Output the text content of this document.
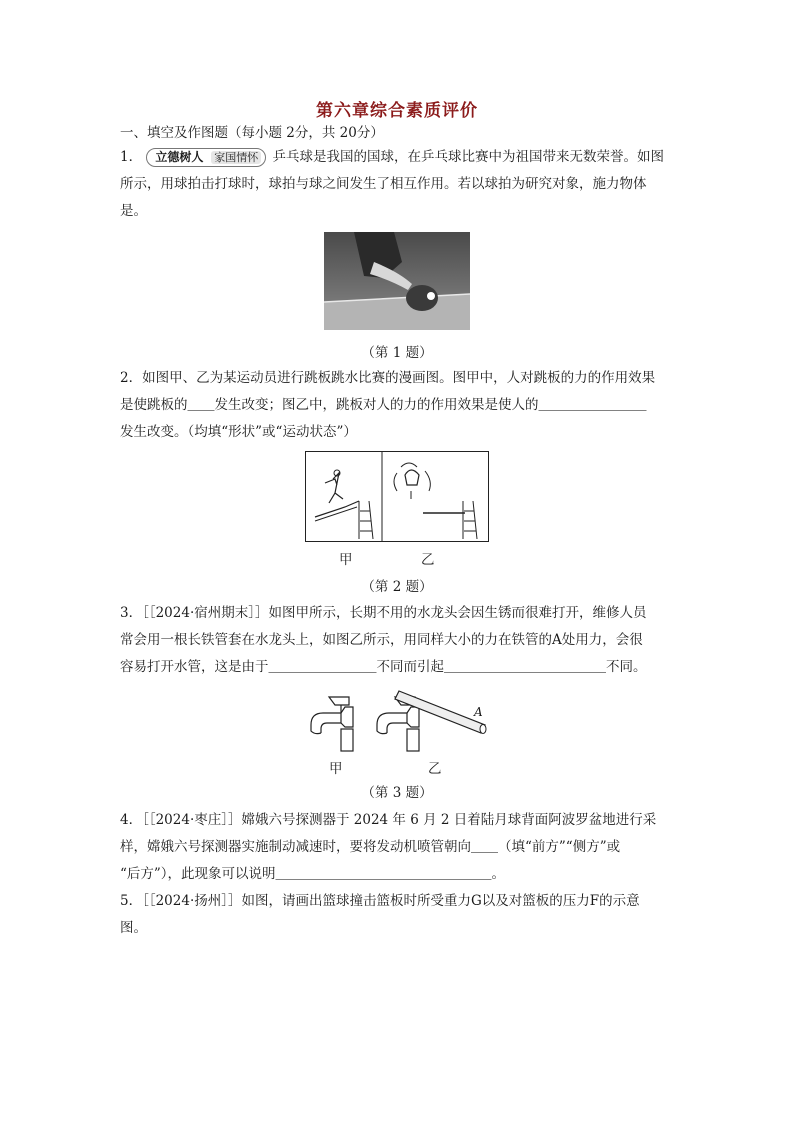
第六章综合素质评价
一、填空及作图题（每小题 2分，共 20分）
1． 立德树人 家国情怀 乒乓球是我国的国球，在乒乓球比赛中为祖国带来无数荣誉。如图
所示，用球拍击打球时，球拍与球之间发生了相互作用。若以球拍为研究对象，施力物体
是。
（第 1 题）
2．如图甲、乙为某运动员进行跳板跳水比赛的漫画图。图甲中，人对跳板的力的作用效果
是使跳板的＿＿发生改变；图乙中，跳板对人的力的作用效果是使人的＿＿＿＿＿＿＿＿
发生改变。（均填“形状”或“运动状态”）
甲	乙
（第 2 题）
3．［［2024·宿州期末］］如图甲所示，长期不用的水龙头会因生锈而很难打开，维修人员
常会用一根长铁管套在水龙头上，如图乙所示，用同样大小的力在铁管的A处用力，会很
容易打开水管，这是由于＿＿＿＿＿＿＿＿不同而引起＿＿＿＿＿＿＿＿＿＿＿＿不同。
A
甲	乙
（第 3 题）
4．［［2024·枣庄］］嫦娥六号探测器于 2024 年 6 月 2 日着陆月球背面阿波罗盆地进行采
样，嫦娥六号探测器实施制动减速时，要将发动机喷管朝向＿＿（填“前方”“侧方”或
“后方”），此现象可以说明＿＿＿＿＿＿＿＿＿＿＿＿＿＿＿＿。
5．［［2024·扬州］］如图，请画出篮球撞击篮板时所受重力G以及对篮板的压力F的示意
图。
